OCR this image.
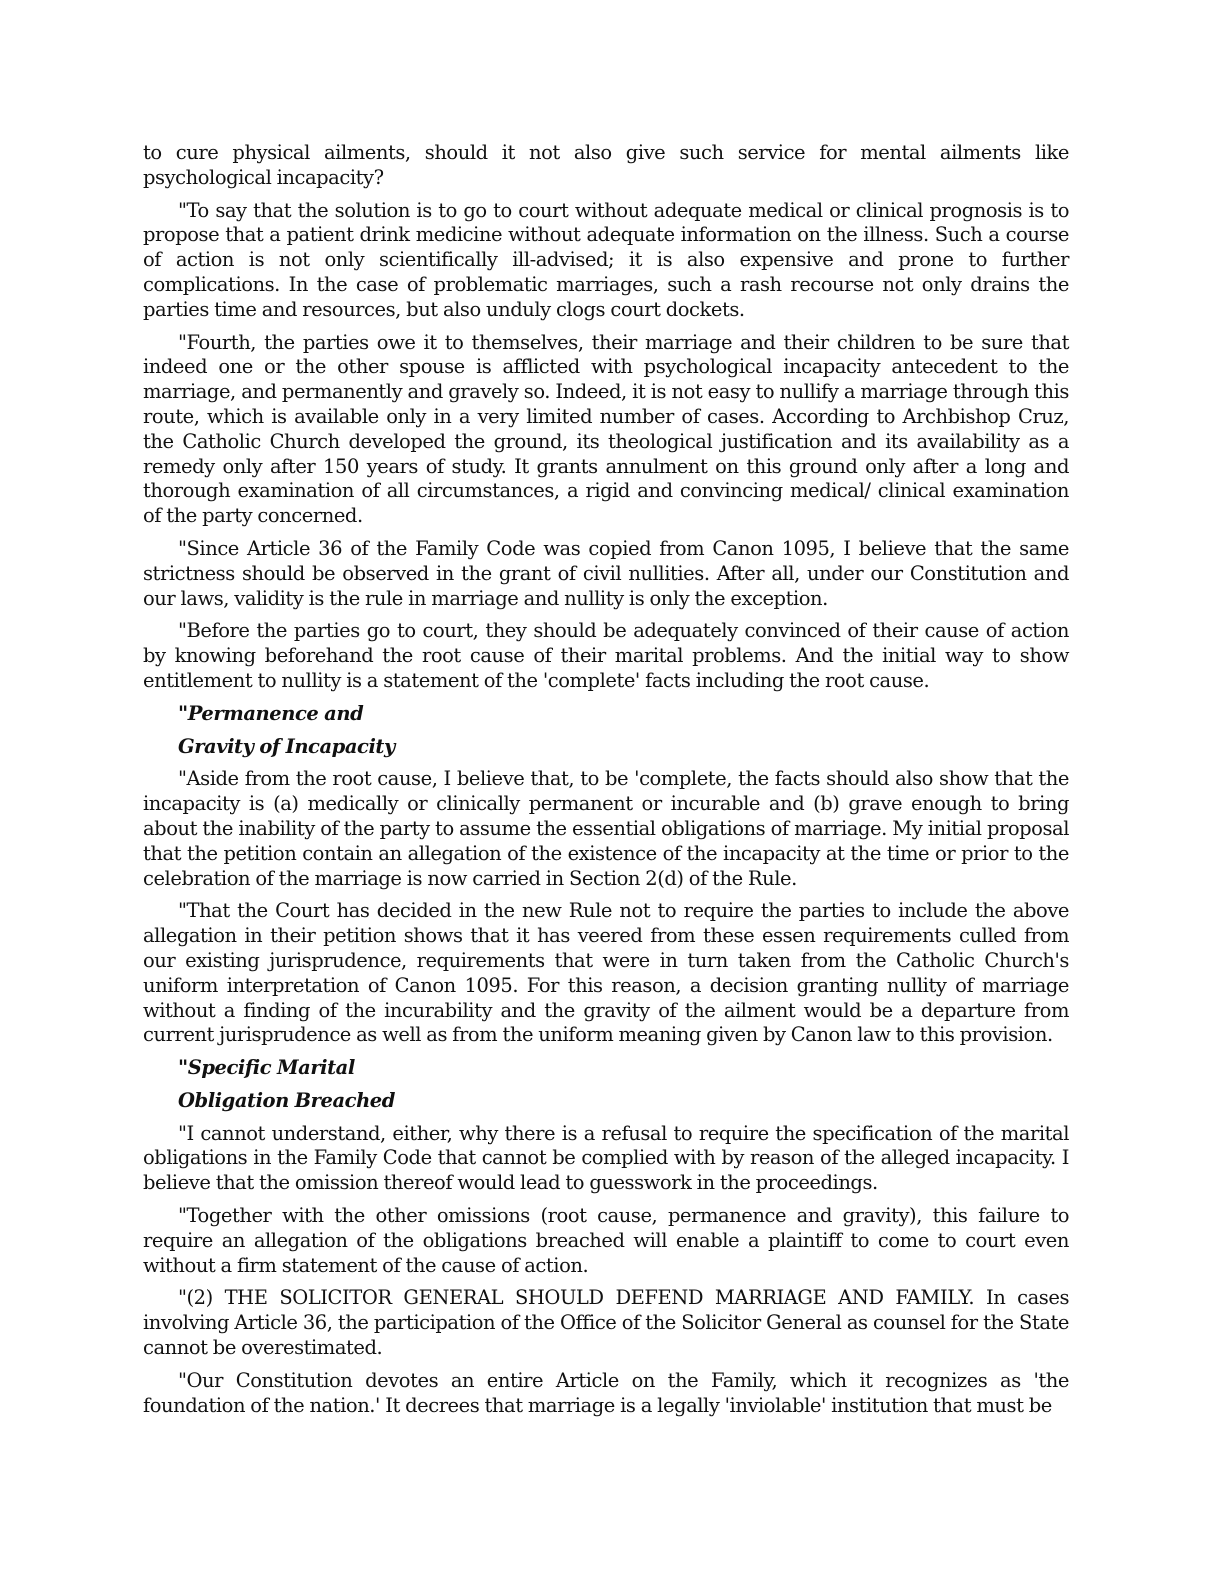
to cure physical ailments, should it not also give such service for mental ailments like psychological incapacity?

"To say that the solution is to go to court without adequate medical or clinical prognosis is to propose that a patient drink medicine without adequate information on the illness. Such a course of action is not only scientifically ill-advised; it is also expensive and prone to further complications. In the case of problematic marriages, such a rash recourse not only drains the parties time and resources, but also unduly clogs court dockets.

"Fourth, the parties owe it to themselves, their marriage and their children to be sure that indeed one or the other spouse is afflicted with psychological incapacity antecedent to the marriage, and permanently and gravely so. Indeed, it is not easy to nullify a marriage through this route, which is available only in a very limited number of cases. According to Archbishop Cruz, the Catholic Church developed the ground, its theological justification and its availability as a remedy only after 150 years of study. It grants annulment on this ground only after a long and thorough examination of all circumstances, a rigid and convincing medical/ clinical examination of the party concerned.

"Since Article 36 of the Family Code was copied from Canon 1095, I believe that the same strictness should be observed in the grant of civil nullities. After all, under our Constitution and our laws, validity is the rule in marriage and nullity is only the exception.

"Before the parties go to court, they should be adequately convinced of their cause of action by knowing beforehand the root cause of their marital problems. And the initial way to show entitlement to nullity is a statement of the 'complete' facts including the root cause.

"Permanence and
Gravity of Incapacity

"Aside from the root cause, I believe that, to be 'complete, the facts should also show that the incapacity is (a) medically or clinically permanent or incurable and (b) grave enough to bring about the inability of the party to assume the essential obligations of marriage. My initial proposal that the petition contain an allegation of the existence of the incapacity at the time or prior to the celebration of the marriage is now carried in Section 2(d) of the Rule.

"That the Court has decided in the new Rule not to require the parties to include the above allegation in their petition shows that it has veered from these essen requirements culled from our existing jurisprudence, requirements that were in turn taken from the Catholic Church's uniform interpretation of Canon 1095. For this reason, a decision granting nullity of marriage without a finding of the incurability and the gravity of the ailment would be a departure from current jurisprudence as well as from the uniform meaning given by Canon law to this provision.

"Specific Marital
Obligation Breached

"I cannot understand, either, why there is a refusal to require the specification of the marital obligations in the Family Code that cannot be complied with by reason of the alleged incapacity. I believe that the omission thereof would lead to guesswork in the proceedings.

"Together with the other omissions (root cause, permanence and gravity), this failure to require an allegation of the obligations breached will enable a plaintiff to come to court even without a firm statement of the cause of action.

"(2) THE SOLICITOR GENERAL SHOULD DEFEND MARRIAGE AND FAMILY. In cases involving Article 36, the participation of the Office of the Solicitor General as counsel for the State cannot be overestimated.

"Our Constitution devotes an entire Article on the Family, which it recognizes as 'the foundation of the nation.' It decrees that marriage is a legally 'inviolable' institution that must be
